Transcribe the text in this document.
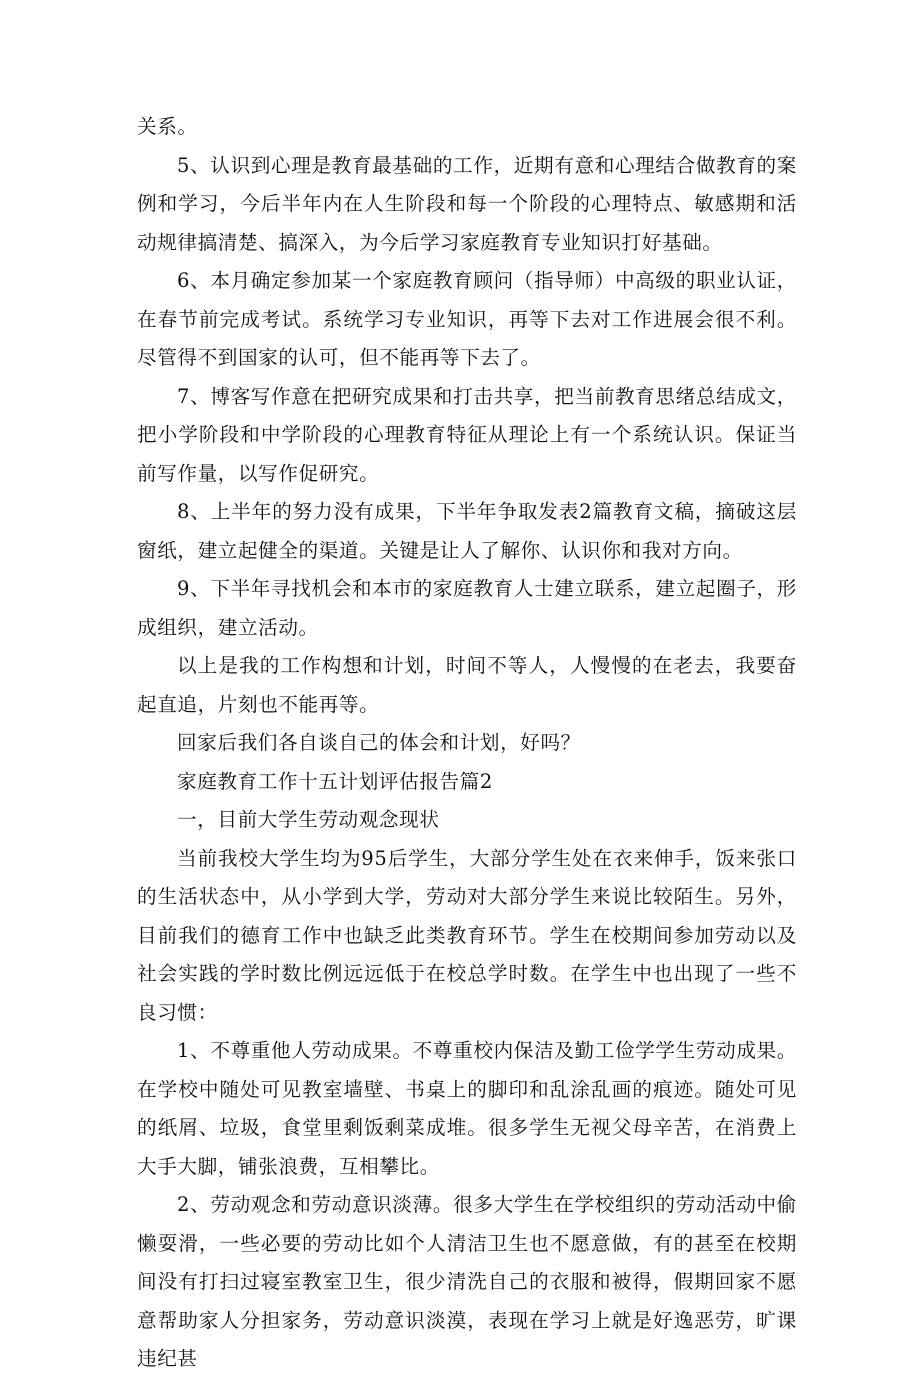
关系。

5、认识到心理是教育最基础的工作，近期有意和心理结合做教育的案例和学习，今后半年内在人生阶段和每一个阶段的心理特点、敏感期和活动规律搞清楚、搞深入，为今后学习家庭教育专业知识打好基础。

6、本月确定参加某一个家庭教育顾问（指导师）中高级的职业认证，在春节前完成考试。系统学习专业知识，再等下去对工作进展会很不利。尽管得不到国家的认可，但不能再等下去了。

7、博客写作意在把研究成果和打击共享，把当前教育思绪总结成文，把小学阶段和中学阶段的心理教育特征从理论上有一个系统认识。保证当前写作量，以写作促研究。

8、上半年的努力没有成果，下半年争取发表2篇教育文稿，摘破这层窗纸，建立起健全的渠道。关键是让人了解你、认识你和我对方向。

9、下半年寻找机会和本市的家庭教育人士建立联系，建立起圈子，形成组织，建立活动。

以上是我的工作构想和计划，时间不等人，人慢慢的在老去，我要奋起直追，片刻也不能再等。

回家后我们各自谈自己的体会和计划，好吗？

家庭教育工作十五计划评估报告篇2

一，目前大学生劳动观念现状

当前我校大学生均为95后学生，大部分学生处在衣来伸手，饭来张口的生活状态中，从小学到大学，劳动对大部分学生来说比较陌生。另外，目前我们的德育工作中也缺乏此类教育环节。学生在校期间参加劳动以及社会实践的学时数比例远远低于在校总学时数。在学生中也出现了一些不良习惯：

1、不尊重他人劳动成果。不尊重校内保洁及勤工俭学学生劳动成果。在学校中随处可见教室墙壁、书桌上的脚印和乱涂乱画的痕迹。随处可见的纸屑、垃圾，食堂里剩饭剩菜成堆。很多学生无视父母辛苦，在消费上大手大脚，铺张浪费，互相攀比。

2、劳动观念和劳动意识淡薄。很多大学生在学校组织的劳动活动中偷懒耍滑，一些必要的劳动比如个人清洁卫生也不愿意做，有的甚至在校期间没有打扫过寝室教室卫生，很少清洗自己的衣服和被得，假期回家不愿意帮助家人分担家务，劳动意识淡漠，表现在学习上就是好逸恶劳，旷课违纪甚
